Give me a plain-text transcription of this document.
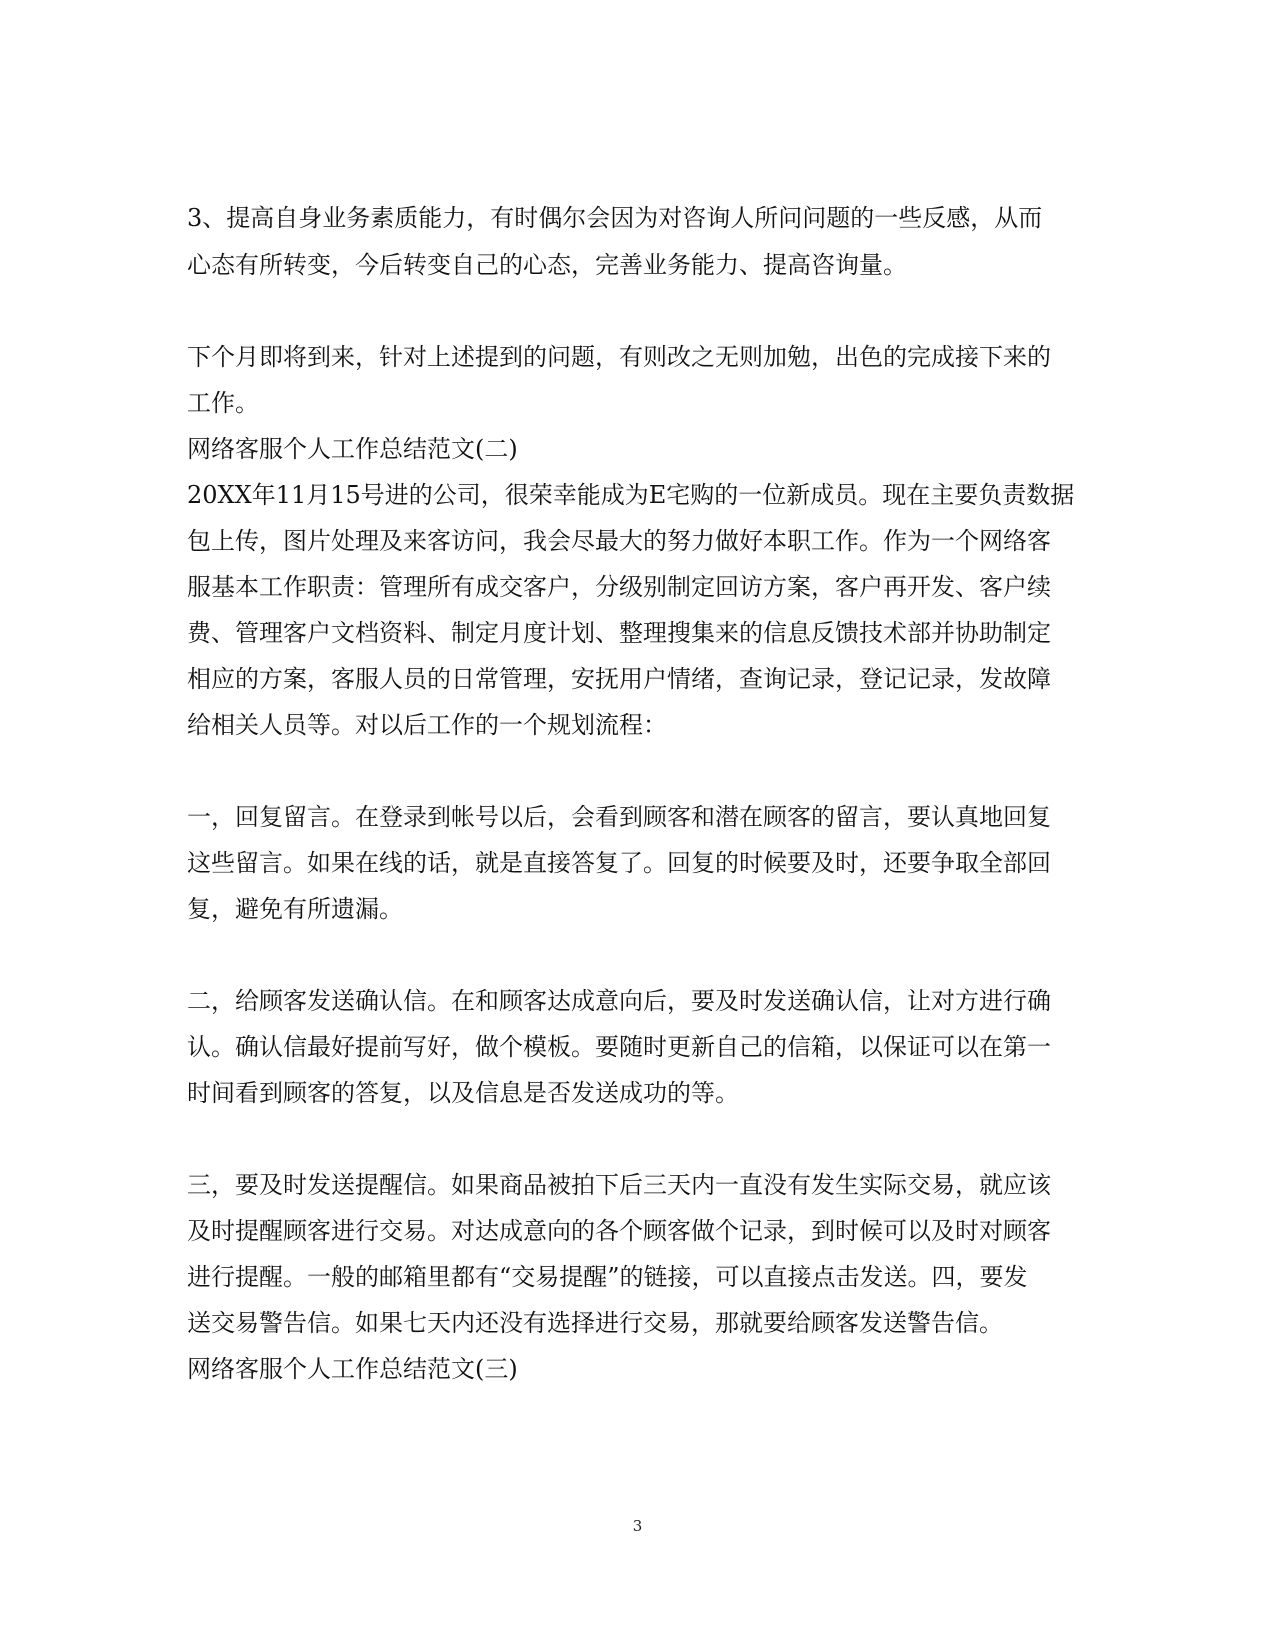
3、提高自身业务素质能力，有时偶尔会因为对咨询人所问问题的一些反感，从而
心态有所转变，今后转变自己的心态，完善业务能力、提高咨询量。
下个月即将到来，针对上述提到的问题，有则改之无则加勉，出色的完成接下来的
工作。
网络客服个人工作总结范文(二)
20XX年11月15号进的公司，很荣幸能成为E宅购的一位新成员。现在主要负责数据
包上传，图片处理及来客访问，我会尽最大的努力做好本职工作。作为一个网络客
服基本工作职责：管理所有成交客户，分级别制定回访方案，客户再开发、客户续
费、管理客户文档资料、制定月度计划、整理搜集来的信息反馈技术部并协助制定
相应的方案，客服人员的日常管理，安抚用户情绪，查询记录，登记记录，发故障
给相关人员等。对以后工作的一个规划流程：
一，回复留言。在登录到帐号以后，会看到顾客和潜在顾客的留言，要认真地回复
这些留言。如果在线的话，就是直接答复了。回复的时候要及时，还要争取全部回
复，避免有所遗漏。
二，给顾客发送确认信。在和顾客达成意向后，要及时发送确认信，让对方进行确
认。确认信最好提前写好，做个模板。要随时更新自己的信箱，以保证可以在第一
时间看到顾客的答复，以及信息是否发送成功的等。
三，要及时发送提醒信。如果商品被拍下后三天内一直没有发生实际交易，就应该
及时提醒顾客进行交易。对达成意向的各个顾客做个记录，到时候可以及时对顾客
进行提醒。一般的邮箱里都有“交易提醒”的链接，可以直接点击发送。四，要发
送交易警告信。如果七天内还没有选择进行交易，那就要给顾客发送警告信。
网络客服个人工作总结范文(三)
3
